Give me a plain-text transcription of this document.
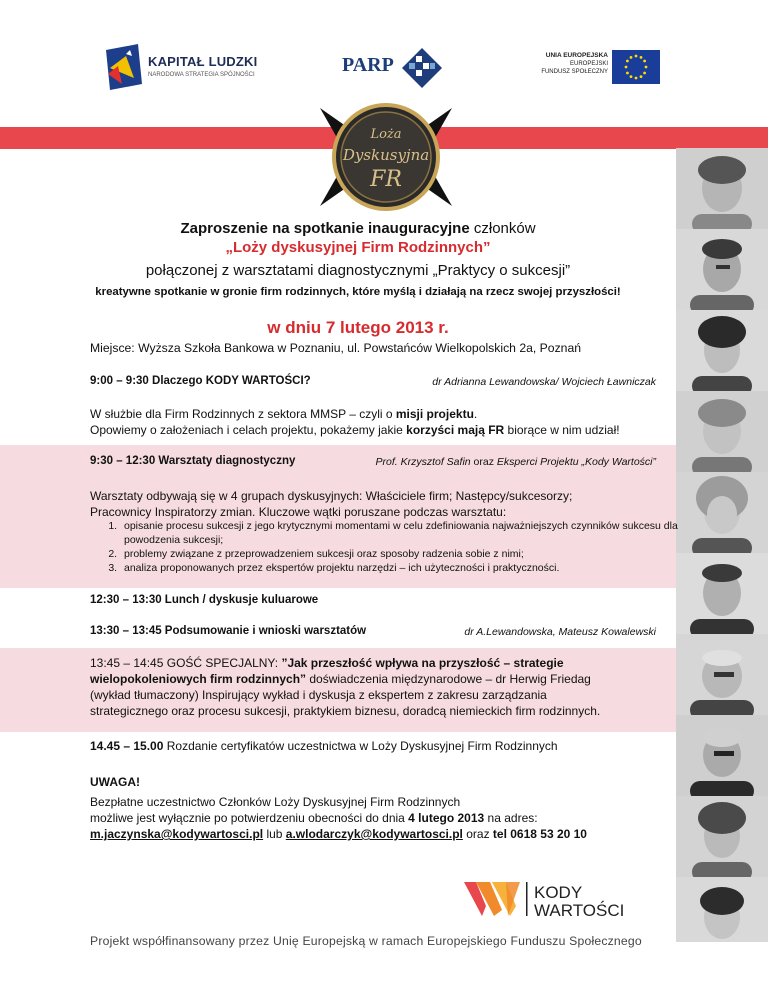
KAPITAŁ LUDZKI
NARODOWA STRATEGIA SPÓJNOŚCI	PARP	UNIA EUROPEJSKA
EUROPEJSKI
FUNDUSZ SPOŁECZNY
Loża
Dyskusyjna
FR
Zaproszenie na spotkanie inauguracyjne członków
„Loży dyskusyjnej Firm Rodzinnych”
połączonej z warsztatami diagnostycznymi „Praktycy o sukcesji”
kreatywne spotkanie w gronie firm rodzinnych, które myślą i działają na rzecz swojej przyszłości!
w dniu 7 lutego 2013 r.
Miejsce: Wyższa Szkoła Bankowa w Poznaniu, ul. Powstańców Wielkopolskich 2a, Poznań
9:00 – 9:30 Dlaczego KODY WARTOŚCI?	dr Adrianna Lewandowska/ Wojciech Ławniczak
W służbie dla Firm Rodzinnych z sektora MMSP – czyli o misji projektu.
Opowiemy o założeniach i celach projektu, pokażemy jakie korzyści mają FR biorące w nim udział!
9:30 – 12:30 Warsztaty diagnostyczny	Prof. Krzysztof Safin oraz Eksperci Projektu „Kody Wartości”
Warsztaty odbywają się w 4 grupach dyskusyjnych: Właściciele firm; Następcy/sukcesorzy;
Pracownicy Inspiratorzy zmian. Kluczowe wątki poruszane podczas warsztatu:
1. opisanie procesu sukcesji z jego krytycznymi momentami w celu zdefiniowania najważniejszych czynników sukcesu dla powodzenia sukcesji;
2. problemy związane z przeprowadzeniem sukcesji oraz sposoby radzenia sobie z nimi;
3. analiza proponowanych przez ekspertów projektu narzędzi – ich użyteczności i praktyczności.
12:30 – 13:30 Lunch / dyskusje kuluarowe
13:30 – 13:45 Podsumowanie i wnioski warsztatów	dr A.Lewandowska, Mateusz Kowalewski
13:45 – 14:45 GOŚĆ SPECJALNY: ”Jak przeszłość wpływa na przyszłość – strategie
wielopokoleniowych firm rodzinnych” doświadczenia międzynarodowe – dr Herwig Friedag
(wykład tłumaczony) Inspirujący wykład i dyskusja z ekspertem z zakresu zarządzania
strategicznego oraz procesu sukcesji, praktykiem biznesu, doradcą niemieckich firm rodzinnych.
14.45 – 15.00 Rozdanie certyfikatów uczestnictwa w Loży Dyskusyjnej Firm Rodzinnych
UWAGA!
Bezpłatne uczestnictwo Członków Loży Dyskusyjnej Firm Rodzinnych
możliwe jest wyłącznie po potwierdzeniu obecności do dnia 4 lutego 2013 na adres:
m.jaczynska@kodywartosci.pl lub a.wlodarczyk@kodywartosci.pl oraz tel 0618 53 20 10
KODY
WARTOŚCI
Projekt współfinansowany przez Unię Europejską w ramach Europejskiego Funduszu Społecznego
